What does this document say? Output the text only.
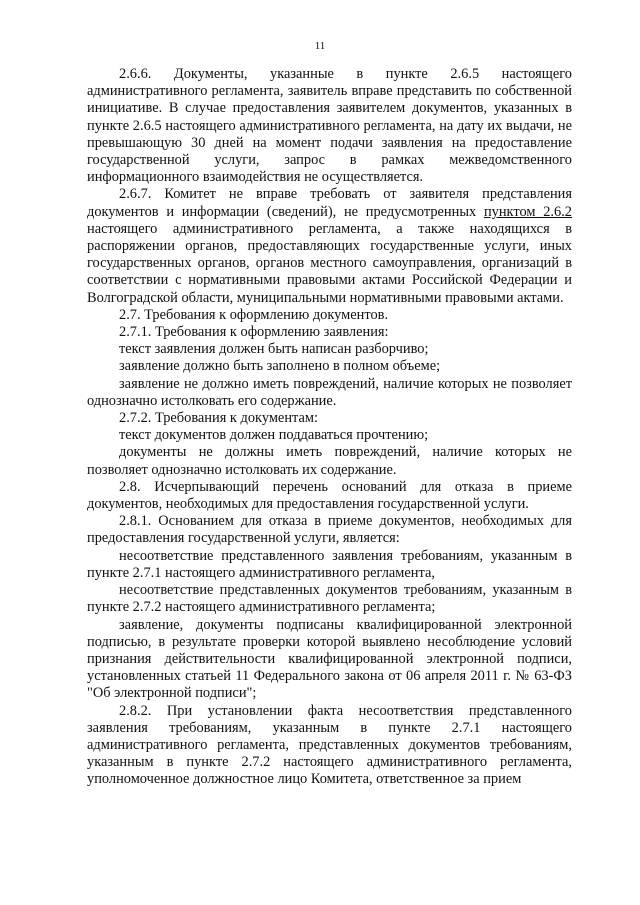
11

2.6.6. Документы, указанные в пункте 2.6.5 настоящего административного регламента, заявитель вправе представить по собственной инициативе. В случае предоставления заявителем документов, указанных в пункте 2.6.5 настоящего административного регламента, на дату их выдачи, не превышающую 30 дней на момент подачи заявления на предоставление государственной услуги, запрос в рамках межведомственного информационного взаимодействия не осуществляется.

2.6.7. Комитет не вправе требовать от заявителя представления документов и информации (сведений), не предусмотренных пунктом 2.6.2 настоящего административного регламента, а также находящихся в распоряжении органов, предоставляющих государственные услуги, иных государственных органов, органов местного самоуправления, организаций в соответствии с нормативными правовыми актами Российской Федерации и Волгоградской области, муниципальными нормативными правовыми актами.

2.7. Требования к оформлению документов.

2.7.1. Требования к оформлению заявления:

текст заявления должен быть написан разборчиво;

заявление должно быть заполнено в полном объеме;

заявление не должно иметь повреждений, наличие которых не позволяет однозначно истолковать его содержание.

2.7.2. Требования к документам:

текст документов должен поддаваться прочтению;

документы не должны иметь повреждений, наличие которых не позволяет однозначно истолковать их содержание.

2.8. Исчерпывающий перечень оснований для отказа в приеме документов, необходимых для предоставления государственной услуги.

2.8.1. Основанием для отказа в приеме документов, необходимых для предоставления государственной услуги, является:

несоответствие представленного заявления требованиям, указанным в пункте 2.7.1 настоящего административного регламента,

несоответствие представленных документов требованиям, указанным в пункте 2.7.2 настоящего административного регламента;

заявление, документы подписаны квалифицированной электронной подписью, в результате проверки которой выявлено несоблюдение условий признания действительности квалифицированной электронной подписи, установленных статьей 11 Федерального закона от 06 апреля 2011 г. № 63-ФЗ "Об электронной подписи";

2.8.2. При установлении факта несоответствия представленного заявления требованиям, указанным в пункте 2.7.1 настоящего административного регламента, представленных документов требованиям, указанным в пункте 2.7.2 настоящего административного регламента, уполномоченное должностное лицо Комитета, ответственное за прием
